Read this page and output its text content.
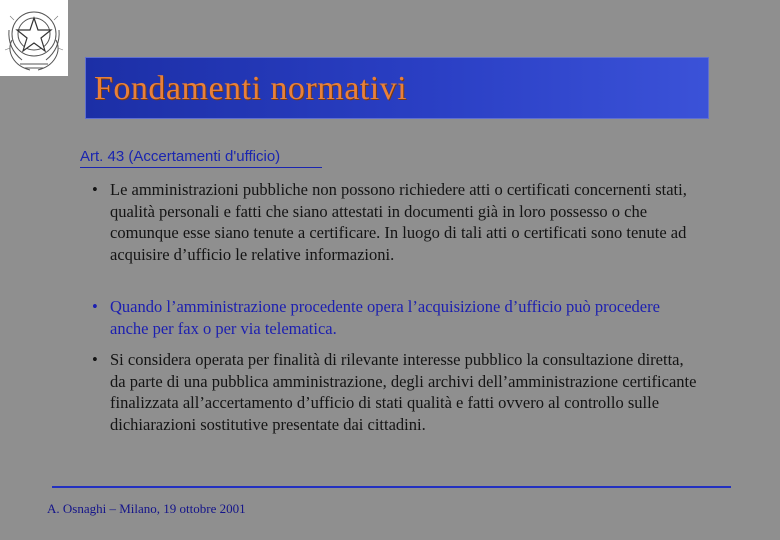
Fondamenti normativi
Art. 43 (Accertamenti d'ufficio)
• Le amministrazioni pubbliche non possono richiedere atti o certificati concernenti stati, qualità personali e fatti che siano attestati in documenti già in loro possesso o che comunque esse siano tenute a certificare. In luogo di tali atti o certificati sono tenute ad acquisire d’ufficio le relative informazioni.
• Quando l’amministrazione procedente opera l’acquisizione d’ufficio può procedere anche per fax o per via telematica.
• Si considera operata per finalità di rilevante interesse pubblico la consultazione diretta, da parte di una pubblica amministrazione, degli archivi dell’amministrazione certificante finalizzata all’accertamento d’ufficio di stati qualità e fatti ovvero al controllo sulle dichiarazioni sostitutive presentate dai cittadini.
A. Osnaghi – Milano, 19 ottobre 2001
